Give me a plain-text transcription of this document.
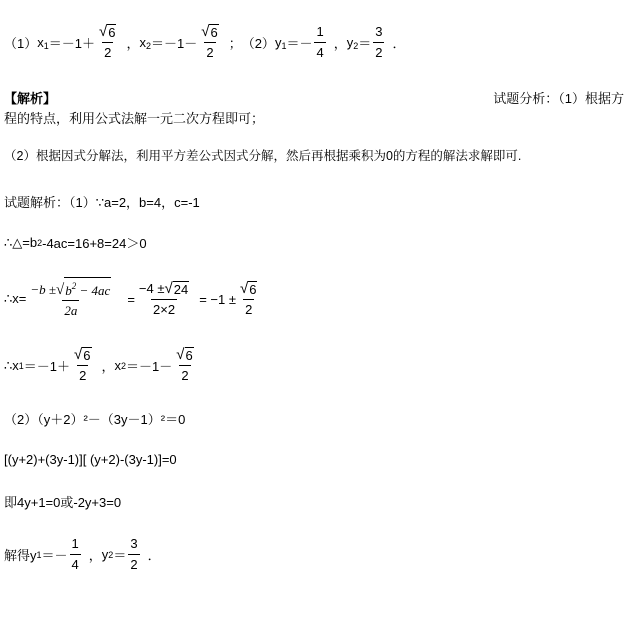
（1） $x_1 =-1+ \frac{√ 6}{2}$ ， $x_2 =-1- \frac{√ 6}{2}$ ； （2） $y_1 =- \frac{1}{4}$ ， $y_2 = \frac{3}{2}$ ．
【解析】	试题分析：（1）根据方
程的特点，利用公式法解一元二次方程即可；
（2）根据因式分解法，利用平方差公式因式分解，然后再根据乘积为0的方程的解法求解即可.
试题解析：（1）∵a=2，b=4，c=-1
∴△=b 2 -4ac=16+8=24＞0
∴x= $\frac{-b \pm √ b^2 - 4ac}{2a} = \frac{-4 \pm √ 24}{2\times 2} = -1 \pm \frac{√ 6}{2}$
∴x $1 =-1+ \frac{√ 6}{2}$ ， x $2 =-1- \frac{√ 6}{2}$
（2）（y＋2）²－（3y－1）²＝0
[(y+2)+(3y-1)][ (y+2)-(3y-1)]=0
即4y+1=0或-2y+3=0
解得y $1 =- \frac{1}{4}$ ， y $2 = \frac{3}{2}$ ．
